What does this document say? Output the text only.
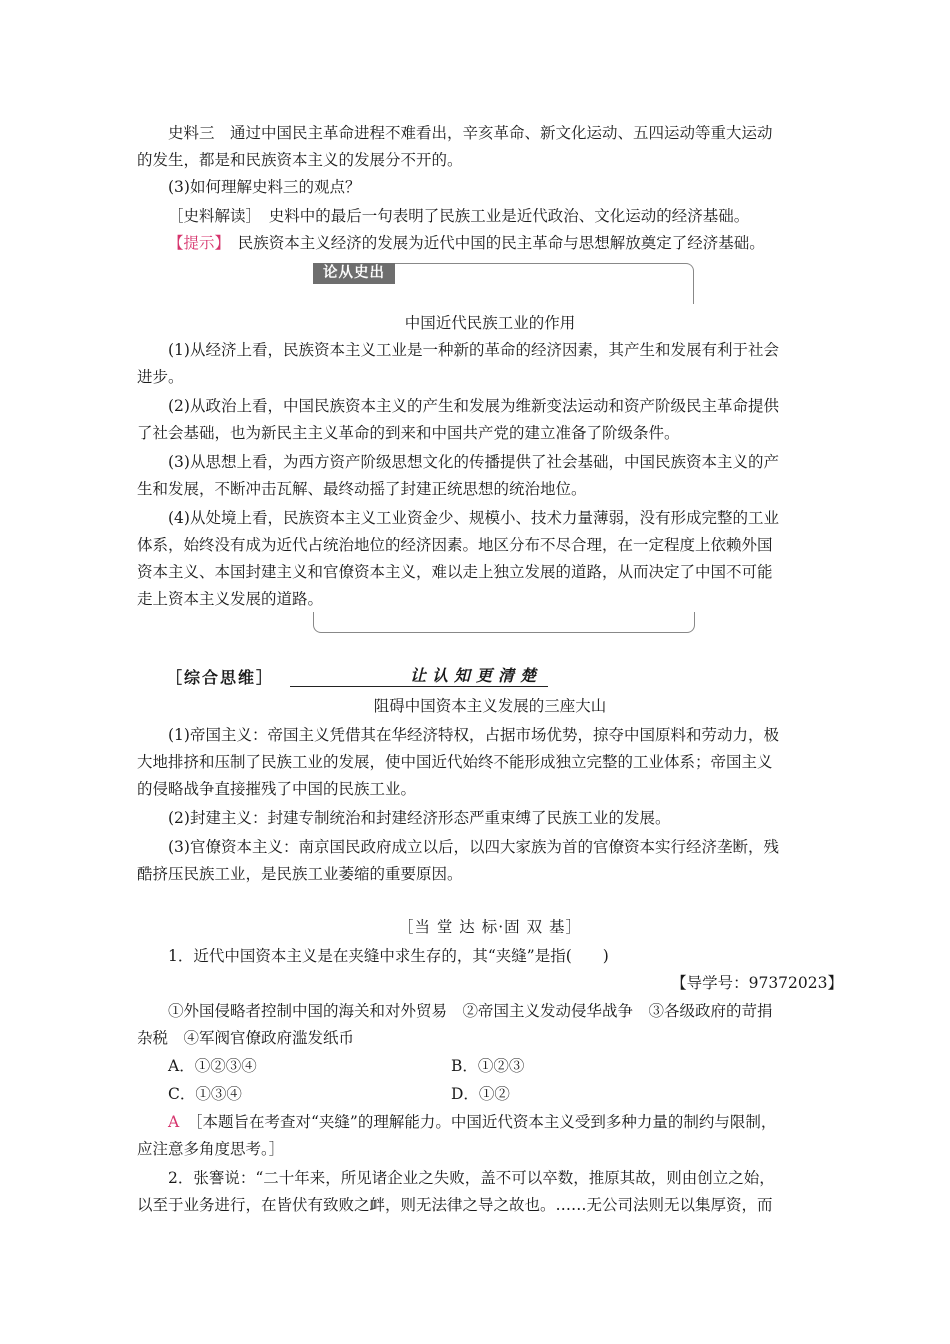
史料三　通过中国民主革命进程不难看出，辛亥革命、新文化运动、五四运动等重大运动

的发生，都是和民族资本主义的发展分不开的。

(3)如何理解史料三的观点？

［史料解读］　史料中的最后一句表明了民族工业是近代政治、文化运动的经济基础。

【提示】　民族资本主义经济的发展为近代中国的民主革命与思想解放奠定了经济基础。

论从史出

中国近代民族工业的作用

(1)从经济上看，民族资本主义工业是一种新的革命的经济因素，其产生和发展有利于社会

进步。

(2)从政治上看，中国民族资本主义的产生和发展为维新变法运动和资产阶级民主革命提供

了社会基础，也为新民主主义革命的到来和中国共产党的建立准备了阶级条件。

(3)从思想上看，为西方资产阶级思想文化的传播提供了社会基础，中国民族资本主义的产

生和发展，不断冲击瓦解、最终动摇了封建正统思想的统治地位。

(4)从处境上看，民族资本主义工业资金少、规模小、技术力量薄弱，没有形成完整的工业

体系，始终没有成为近代占统治地位的经济因素。地区分布不尽合理，在一定程度上依赖外国

资本主义、本国封建主义和官僚资本主义，难以走上独立发展的道路，从而决定了中国不可能

走上资本主义发展的道路。

［综合思维］	让认知更清楚

阻碍中国资本主义发展的三座大山

(1)帝国主义：帝国主义凭借其在华经济特权，占据市场优势，掠夺中国原料和劳动力，极

大地排挤和压制了民族工业的发展，使中国近代始终不能形成独立完整的工业体系；帝国主义

的侵略战争直接摧残了中国的民族工业。

(2)封建主义：封建专制统治和封建经济形态严重束缚了民族工业的发展。

(3)官僚资本主义：南京国民政府成立以后，以四大家族为首的官僚资本实行经济垄断，残

酷挤压民族工业，是民族工业萎缩的重要原因。

［当 堂 达 标·固 双 基］

1．近代中国资本主义是在夹缝中求生存的，其“夹缝”是指(　　)

【导学号：97372023】

①外国侵略者控制中国的海关和对外贸易　②帝国主义发动侵华战争　③各级政府的苛捐

杂税　④军阀官僚政府滥发纸币

A．①②③④	B．①②③
C．①③④	D．①②

A　 ［本题旨在考查对“夹缝”的理解能力。中国近代资本主义受到多种力量的制约与限制，

应注意多角度思考。］

2．张謇说：“二十年来，所见诸企业之失败，盖不可以卒数，推原其故，则由创立之始，

以至于业务进行，在皆伏有致败之衅，则无法律之导之故也。……无公司法则无以集厚资，而
